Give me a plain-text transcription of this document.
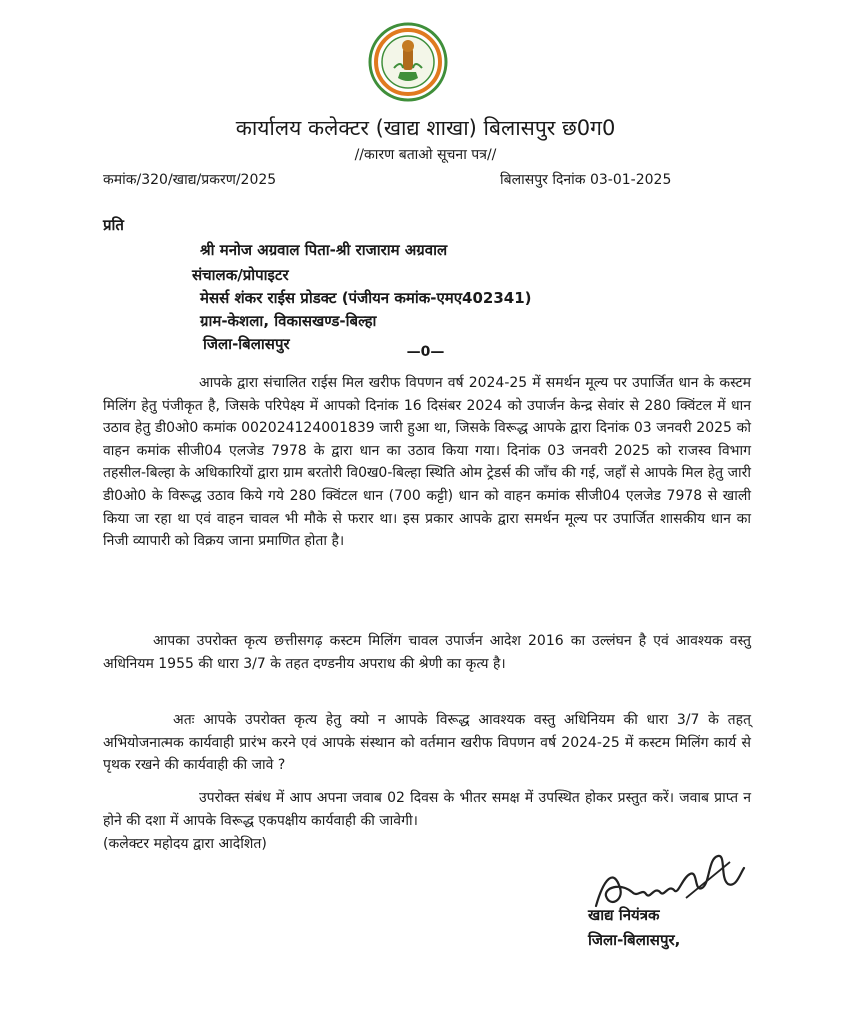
कार्यालय कलेक्टर (खाद्य शाखा) बिलासपुर छ0ग0
//कारण बताओ सूचना पत्र//
कमांक/320/खाद्य/प्रकरण/2025	बिलासपुर दिनांक 03-01-2025
प्रति
श्री मनोज अग्रवाल पिता-श्री राजाराम अग्रवाल
संचालक/प्रोपाइटर
मेसर्स शंकर राईस प्रोडक्ट (पंजीयन कमांक-एमए402341)
ग्राम-केशला, विकासखण्ड-बिल्हा
जिला-बिलासपुर	—0—
आपके द्वारा संचालित राईस मिल खरीफ विपणन वर्ष 2024-25 में समर्थन मूल्य पर उपार्जित धान के कस्टम मिलिंग हेतु पंजीकृत है, जिसके परिपेक्ष्य में आपको दिनांक 16 दिसंबर 2024 को उपार्जन केन्द्र सेवांर से 280 क्विंटल में धान उठाव हेतु डी0ओ0 कमांक 002024124001839 जारी हुआ था, जिसके विरूद्ध आपके द्वारा दिनांक 03 जनवरी 2025 को वाहन कमांक सीजी04 एलजेड 7978 के द्वारा धान का उठाव किया गया। दिनांक 03 जनवरी 2025 को राजस्व विभाग तहसील-बिल्हा के अधिकारियों द्वारा ग्राम बरतोरी वि0ख0-बिल्हा स्थिति ओम ट्रेडर्स की जाँच की गई, जहाँ से आपके मिल हेतु जारी डी0ओ0 के विरूद्ध उठाव किये गये 280 क्विंटल धान (700 कट्टी) धान को वाहन कमांक सीजी04 एलजेड 7978 से खाली किया जा रहा था एवं वाहन चावल भी मौके से फरार था। इस प्रकार आपके द्वारा समर्थन मूल्य पर उपार्जित शासकीय धान का निजी व्यापारी को विक्रय जाना प्रमाणित होता है।
आपका उपरोक्त कृत्य छत्तीसगढ़ कस्टम मिलिंग चावल उपार्जन आदेश 2016 का उल्लंघन है एवं आवश्यक वस्तु अधिनियम 1955 की धारा 3/7 के तहत दण्डनीय अपराध की श्रेणी का कृत्य है।
अतः आपके उपरोक्त कृत्य हेतु क्यो न आपके विरूद्ध आवश्यक वस्तु अधिनियम की धारा 3/7 के तहत् अभियोजनात्मक कार्यवाही प्रारंभ करने एवं आपके संस्थान को वर्तमान खरीफ विपणन वर्ष 2024-25 में कस्टम मिलिंग कार्य से पृथक रखने की कार्यवाही की जावे ?
उपरोक्त संबंध में आप अपना जवाब 02 दिवस के भीतर समक्ष में उपस्थित होकर प्रस्तुत करें। जवाब प्राप्त न होने की दशा में आपके विरूद्ध एकपक्षीय कार्यवाही की जावेगी।
(कलेक्टर महोदय द्वारा आदेशित)
खाद्य नियंत्रक
जिला-बिलासपुर,
